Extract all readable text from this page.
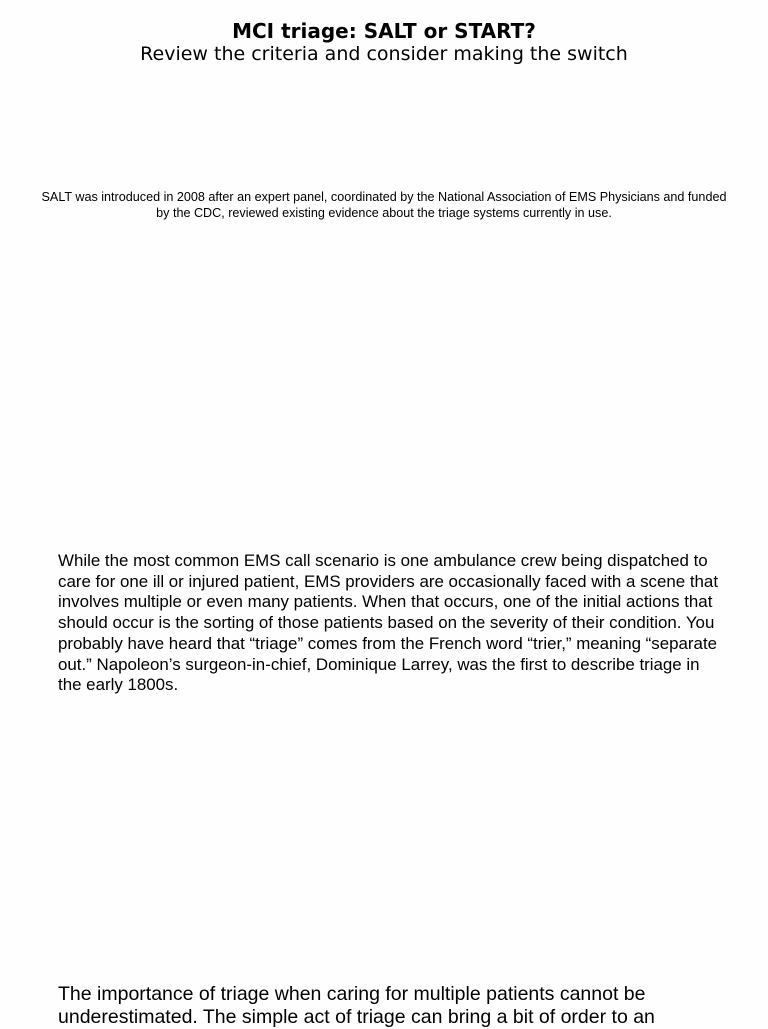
MCI triage: SALT or START?

Review the criteria and consider making the switch

SALT was introduced in 2008 after an expert panel, coordinated by the National Association of EMS Physicians and funded by the CDC, reviewed existing evidence about the triage systems currently in use.

While the most common EMS call scenario is one ambulance crew being dispatched to care for one ill or injured patient, EMS providers are occasionally faced with a scene that involves multiple or even many patients. When that occurs, one of the initial actions that should occur is the sorting of those patients based on the severity of their condition. You probably have heard that “triage” comes from the French word “trier,” meaning “separate out.” Napoleon’s surgeon-in-chief, Dominique Larrey, was the first to describe triage in the early 1800s.

The importance of triage when caring for multiple patients cannot be underestimated. The simple act of triage can bring a bit of order to an
